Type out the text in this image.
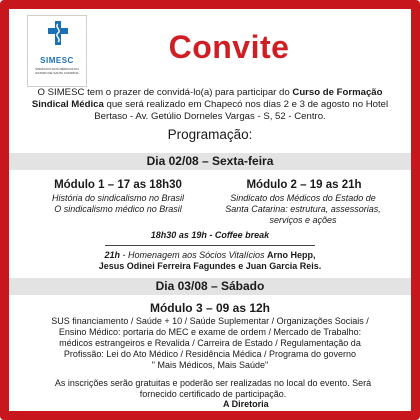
SIMESC
SINDICATO DOS MÉDICOS DO ESTADO DE SANTA CATARINA
Convite
O SIMESC tem o prazer de convidá-lo(a) para participar do Curso de Formação Sindical Médica que será realizado em Chapecó nos dias 2 e 3 de agosto no Hotel Bertaso - Av. Getúlio Dorneles Vargas - S, 52 - Centro.
Programação:
Dia 02/08 – Sexta-feira
Módulo 1 – 17 as 18h30
História do sindicalismo no Brasil
O sindicalismo médico no Brasil
Módulo 2 – 19 as 21h
Sindicato dos Médicos do Estado de
Santa Catarina: estrutura, assessorias,
serviços e ações
18h30 as 19h - Coffee break
21h - Homenagem aos Sócios Vitalícios Arno Hepp,
Jesus Odinei Ferreira Fagundes e Juan Garcia Reis.
Dia 03/08 – Sábado
Módulo 3 – 09 as 12h
SUS financiamento / Saúde + 10 / Saúde Suplementar / Organizações Sociais /
Ensino Médico: portaria do MEC e exame de ordem / Mercado de Trabalho:
médicos estrangeiros e Revalida / Carreira de Estado / Regulamentação da
Profissão: Lei do Ato Médico / Residência Médica / Programa do governo
" Mais Médicos, Mais Saúde"
As inscrições serão gratuitas e poderão ser realizadas no local do evento. Será
fornecido certificado de participação.
A Diretoria
